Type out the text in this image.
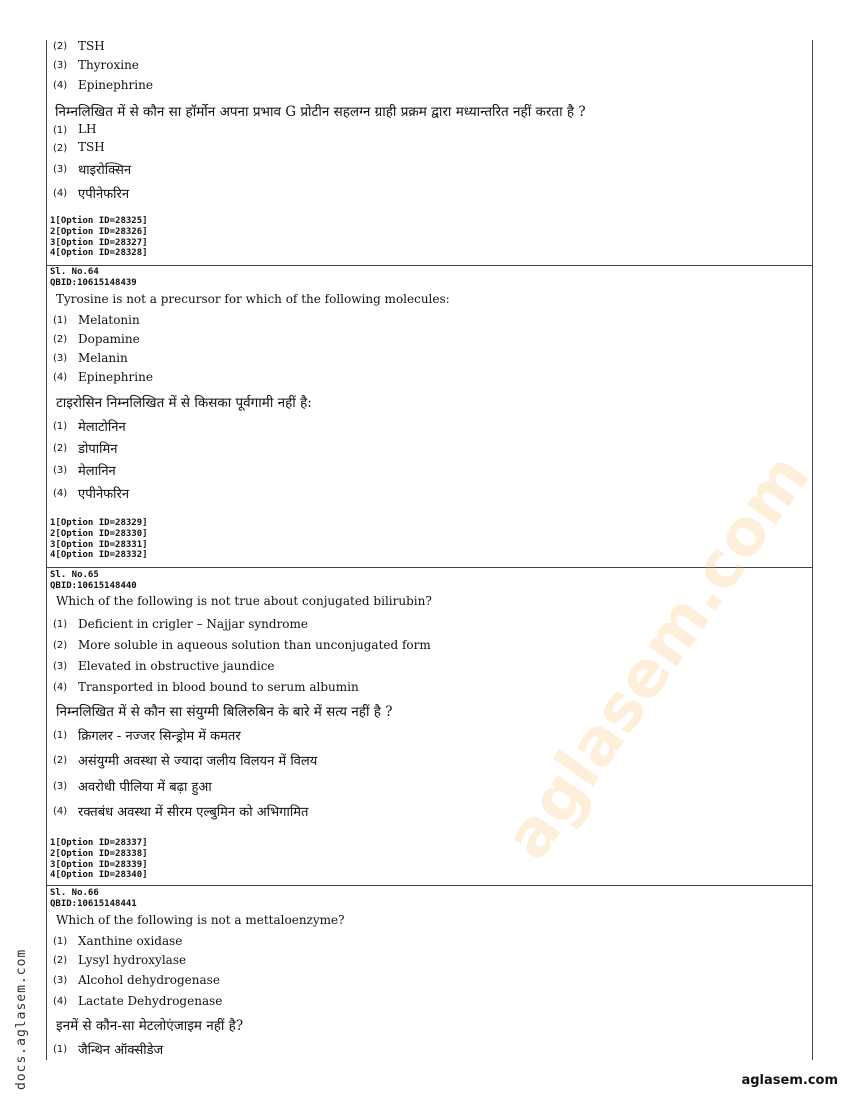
(2) TSH
(3) Thyroxine
(4) Epinephrine
निम्नलिखित में से कौन सा हॉर्मोन अपना प्रभाव G प्रोटीन सहलग्न ग्राही प्रक्रम द्वारा मध्यान्तरित नहीं करता है ?
(1) LH
(2) TSH
(3) थाइरोक्सिन
(4) एपीनेफरिन
1[Option ID=28325]
2[Option ID=28326]
3[Option ID=28327]
4[Option ID=28328]
Sl. No.64
QBID:10615148439
Tyrosine is not a precursor for which of the following molecules:
(1) Melatonin
(2) Dopamine
(3) Melanin
(4) Epinephrine
टाइरोसिन निम्नलिखित में से किसका पूर्वगामी नहीं है:
(1) मेलाटोनिन
(2) डोपामिन
(3) मेलानिन
(4) एपीनेफरिन
1[Option ID=28329]
2[Option ID=28330]
3[Option ID=28331]
4[Option ID=28332]
Sl. No.65
QBID:10615148440
Which of the following is not true about conjugated bilirubin?
(1) Deficient in crigler – Najjar syndrome
(2) More soluble in aqueous solution than unconjugated form
(3) Elevated in obstructive jaundice
(4) Transported in blood bound to serum albumin
निम्नलिखित में से कौन सा संयुग्मी बिलिरुबिन के बारे में सत्य नहीं है ?
(1) क्रिगलर - नज्जर सिन्ड्रोम में कमतर
(2) असंयुग्मी अवस्था से ज्यादा जलीय विलयन में विलय
(3) अवरोधी पीलिया में बढ़ा हुआ
(4) रक्तबंध अवस्था में सीरम एल्बुमिन को अभिगामित
1[Option ID=28337]
2[Option ID=28338]
3[Option ID=28339]
4[Option ID=28340]
Sl. No.66
QBID:10615148441
Which of the following is not a mettaloenzyme?
(1) Xanthine oxidase
(2) Lysyl hydroxylase
(3) Alcohol dehydrogenase
(4) Lactate Dehydrogenase
इनमें से कौन-सा मेटलोएंजाइम नहीं है?
(1) जैन्थिन ऑक्सीडेज
aglasem.com
docs.aglasem.com	aglasem.com
